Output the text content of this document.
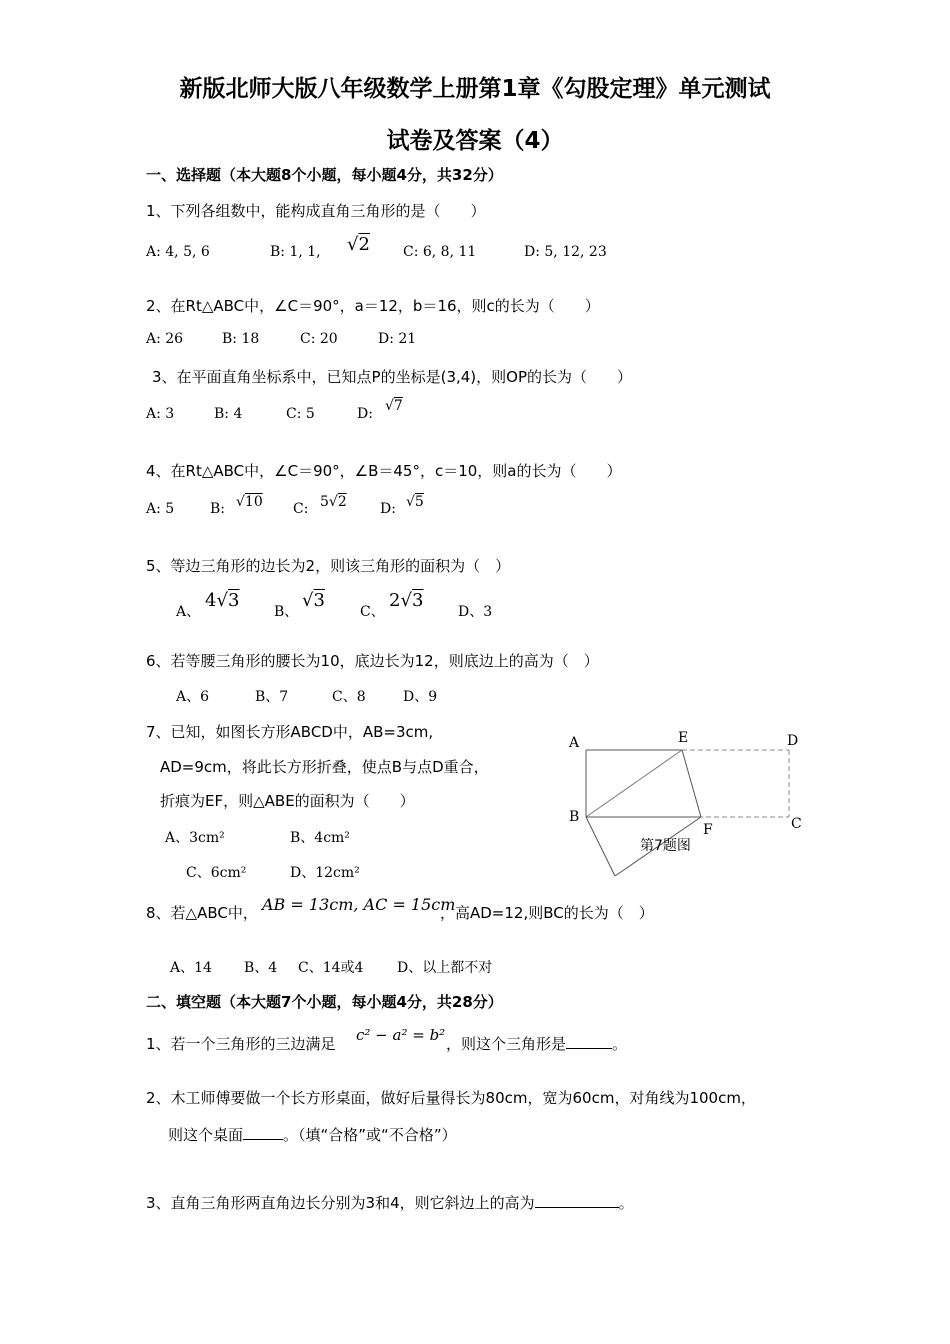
新版北师大版八年级数学上册第1章《勾股定理》单元测试
试卷及答案（4）
一、选择题（本大题8个小题，每小题4分，共32分）
1、下列各组数中，能构成直角三角形的是（　　）
A: 4, 5, 6	B: 1, 1, √2 C: 6, 8, 11	D: 5, 12, 23
2、在Rt△ABC中，∠C＝90°，a＝12，b＝16，则c的长为（　　）
A: 26	B: 18	C: 20	D: 21
3、在平面直角坐标系中，已知点P的坐标是(3,4)，则OP的长为（　　）
A: 3	B: 4	C: 5	D: √7
4、在Rt△ABC中，∠C＝90°，∠B＝45°，c＝10，则a的长为（　　）
A: 5	B: √10 C: 5√2 D: √5
5、等边三角形的边长为2，则该三角形的面积为（　）
A、
4√3
B、
√3
C、
2√3
D、3
6、若等腰三角形的腰长为10，底边长为12，则底边上的高为（　）
A、6	B、7	C、8	D、9
7、已知，如图长方形ABCD中，AB=3cm,
AD=9cm，将此长方形折叠，使点B与点D重合，
折痕为EF，则△ABE的面积为（　　）
A、3cm²	B、4cm²
C、6cm²	D、12cm²
A	E	D
B
F	C
第7题图
8、若△ABC中， AB = 13cm, AC = 15cm
，高AD=12,则BC的长为（　）
A、14 B、4 C、14或4 D、以上都不对
二、填空题（本大题7个小题，每小题4分，共28分）
1、若一个三角形的三边满足 c² − a² = b² ，则这个三角形是	。
2、木工师傅要做一个长方形桌面，做好后量得长为80cm，宽为60cm，对角线为100cm，
则这个桌面	。（填“合格”或“不合格”）
3、直角三角形两直角边长分别为3和4，则它斜边上的高为	。
